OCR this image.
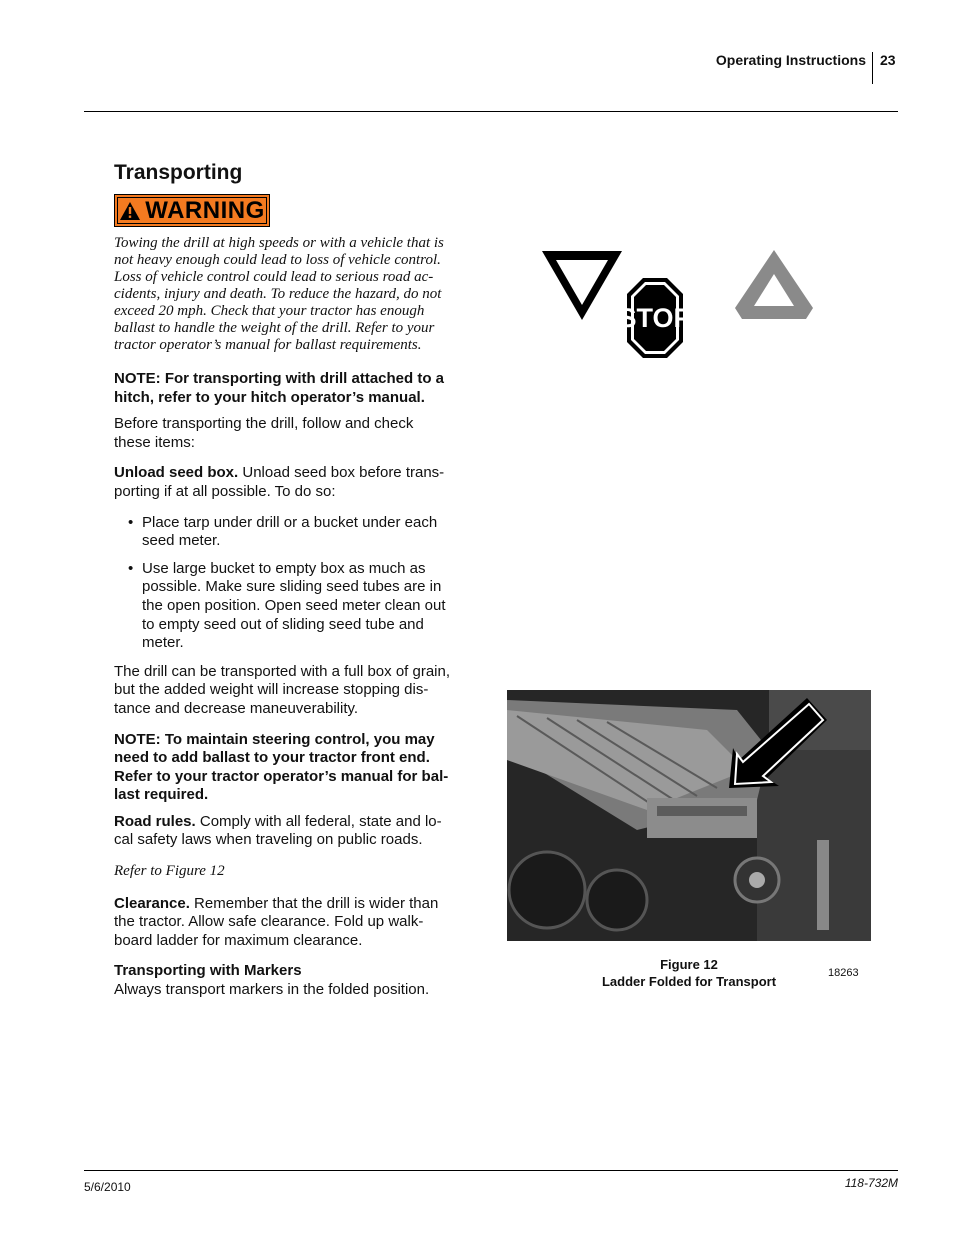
Operating Instructions 23
Transporting
WARNING

Towing the drill at high speeds or with a vehicle that is not heavy enough could lead to loss of vehicle control. Loss of vehicle control could lead to serious road ac-cidents, injury and death. To reduce the hazard, do not exceed 20 mph. Check that your tractor has enough ballast to handle the weight of the drill. Refer to your tractor operator’s manual for ballast requirements.

NOTE: For transporting with drill attached to a hitch, refer to your hitch operator’s manual.

Before transporting the drill, follow and check these items:

Unload seed box. Unload seed box before trans-porting if at all possible. To do so:

• Place tarp under drill or a bucket under each seed meter.
• Use large bucket to empty box as much as possible. Make sure sliding seed tubes are in the open position. Open seed meter clean out to empty seed out of sliding seed tube and meter.

The drill can be transported with a full box of grain, but the added weight will increase stopping dis-tance and decrease maneuverability.

NOTE: To maintain steering control, you may need to add ballast to your tractor front end. Refer to your tractor operator’s manual for bal-last required.

Road rules. Comply with all federal, state and lo-cal safety laws when traveling on public roads.

Refer to Figure 12

Clearance. Remember that the drill is wider than the tractor. Allow safe clearance. Fold up walk-board ladder for maximum clearance.

Transporting with Markers

Always transport markers in the folded position.

STOP
Figure 12
Ladder Folded for Transport
18263
5/6/2010	118-732M
